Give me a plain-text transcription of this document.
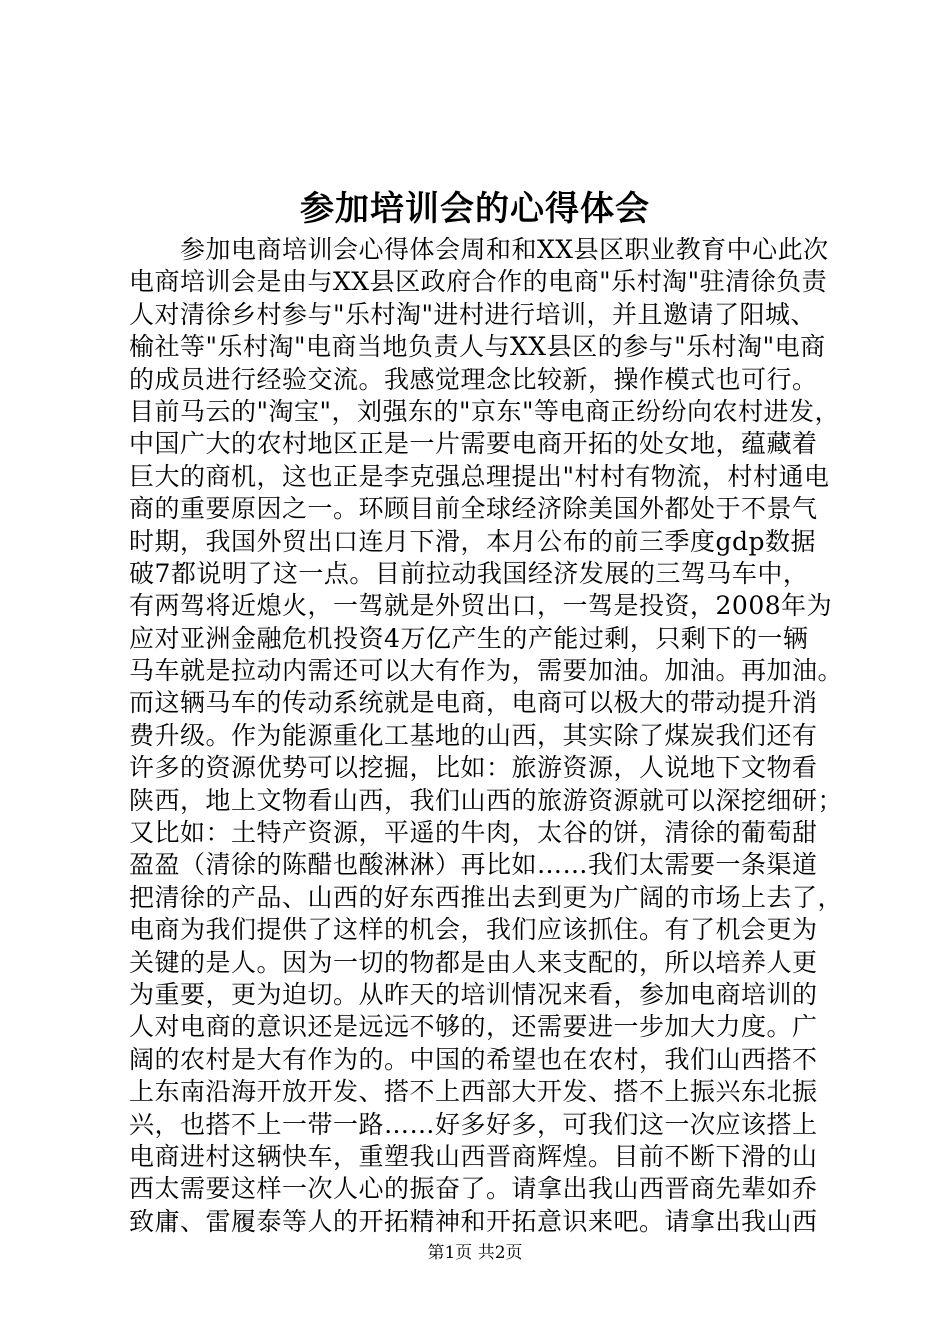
参加培训会的心得体会
　　参加电商培训会心得体会周和和XX县区职业教育中心此次
电商培训会是由与XX县区政府合作的电商"乐村淘"驻清徐负责
人对清徐乡村参与"乐村淘"进村进行培训，并且邀请了阳城、
榆社等"乐村淘"电商当地负责人与XX县区的参与"乐村淘"电商
的成员进行经验交流。我感觉理念比较新，操作模式也可行。
目前马云的"淘宝"，刘强东的"京东"等电商正纷纷向农村进发，
中国广大的农村地区正是一片需要电商开拓的处女地，蕴藏着
巨大的商机，这也正是李克强总理提出"村村有物流，村村通电
商的重要原因之一。环顾目前全球经济除美国外都处于不景气
时期，我国外贸出口连月下滑，本月公布的前三季度gdp数据
破7都说明了这一点。目前拉动我国经济发展的三驾马车中，
有两驾将近熄火，一驾就是外贸出口，一驾是投资，2008年为
应对亚洲金融危机投资4万亿产生的产能过剩，只剩下的一辆
马车就是拉动内需还可以大有作为，需要加油。加油。再加油。
而这辆马车的传动系统就是电商，电商可以极大的带动提升消
费升级。作为能源重化工基地的山西，其实除了煤炭我们还有
许多的资源优势可以挖掘，比如：旅游资源，人说地下文物看
陕西，地上文物看山西，我们山西的旅游资源就可以深挖细研；
又比如：土特产资源，平遥的牛肉，太谷的饼，清徐的葡萄甜
盈盈（清徐的陈醋也酸淋淋）再比如……我们太需要一条渠道
把清徐的产品、山西的好东西推出去到更为广阔的市场上去了，
电商为我们提供了这样的机会，我们应该抓住。有了机会更为
关键的是人。因为一切的物都是由人来支配的，所以培养人更
为重要，更为迫切。从昨天的培训情况来看，参加电商培训的
人对电商的意识还是远远不够的，还需要进一步加大力度。广
阔的农村是大有作为的。中国的希望也在农村，我们山西搭不
上东南沿海开放开发、搭不上西部大开发、搭不上振兴东北振
兴，也搭不上一带一路……好多好多，可我们这一次应该搭上
电商进村这辆快车，重塑我山西晋商辉煌。目前不断下滑的山
西太需要这样一次人心的振奋了。请拿出我山西晋商先辈如乔
致庸、雷履泰等人的开拓精神和开拓意识来吧。请拿出我山西
第1页 共2页
